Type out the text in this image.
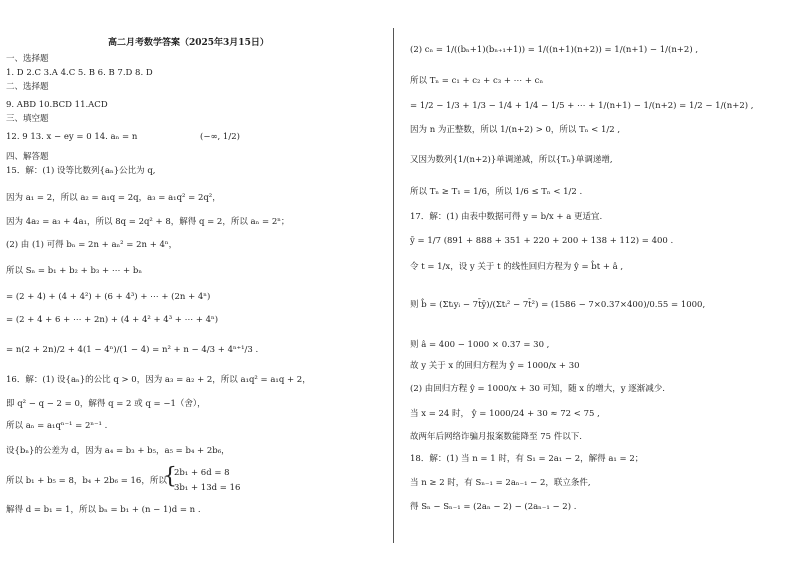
高二月考数学答案（2025年3月15日）
一、选择题
1. D 2.C 3.A 4.C 5. B 6. B 7.D 8. D
二、选择题
9. ABD 10.BCD 11.ACD
三、填空题
12. 9 13. x − ey = 0 14. aₙ = n	(−∞, 1/2)
四、解答题
15．解：(1) 设等比数列{aₙ}公比为 q,
因为 a₁ = 2，所以 a₂ = a₁q = 2q，a₃ = a₁q² = 2q²，
因为 4a₂ = a₃ + 4a₁，所以 8q = 2q² + 8，解得 q = 2，所以 aₙ = 2ⁿ；
(2) 由 (1) 可得 bₙ = 2n + aₙ² = 2n + 4ⁿ，
所以 Sₙ = b₁ + b₂ + b₃ + ⋯ + bₙ
= (2 + 4) + (4 + 4²) + (6 + 4³) + ⋯ + (2n + 4ⁿ)
= (2 + 4 + 6 + ⋯ + 2n) + (4 + 4² + 4³ + ⋯ + 4ⁿ)
= n(2 + 2n)/2 + 4(1 − 4ⁿ)/(1 − 4) = n² + n − 4/3 + 4ⁿ⁺¹/3 .
16．解：(1) 设{aₙ}的公比 q > 0，因为 a₃ = a₂ + 2，所以 a₁q² = a₁q + 2，
即 q² − q − 2 = 0，解得 q = 2 或 q = −1（舍），
所以 aₙ = a₁qⁿ⁻¹ = 2ⁿ⁻¹ .
设{bₙ}的公差为 d，因为 a₄ = b₃ + b₅，a₅ = b₄ + 2b₆，
所以 b₁ + b₅ = 8，b₄ + 2b₆ = 16，所以
{
2b₁ + 6d = 8
3b₁ + 13d = 16
解得 d = b₁ = 1，所以 bₙ = b₁ + (n − 1)d = n .
(2) cₙ = 1/((bₙ+1)(bₙ₊₁+1)) = 1/((n+1)(n+2)) = 1/(n+1) − 1/(n+2) ,
所以 Tₙ = c₁ + c₂ + c₃ + ⋯ + cₙ
= 1/2 − 1/3 + 1/3 − 1/4 + 1/4 − 1/5 + ⋯ + 1/(n+1) − 1/(n+2) = 1/2 − 1/(n+2) ,
因为 n 为正整数，所以 1/(n+2) > 0，所以 Tₙ < 1/2 ,
又因为数列{1/(n+2)}单调递减，所以{Tₙ}单调递增,
所以 Tₙ ≥ T₁ = 1/6，所以 1/6 ≤ Tₙ < 1/2 .
17．解：(1) 由表中数据可得 y = b/x + a 更适宜.
ȳ = 1/7 (891 + 888 + 351 + 220 + 200 + 138 + 112) = 400 .
令 t = 1/x，设 y 关于 t 的线性回归方程为 ŷ = b̂t + â ,
则 b̂ = (Σtᵢyᵢ − 7t̄ȳ)/(Σtᵢ² − 7t̄²) = (1586 − 7×0.37×400)/0.55 = 1000,
则 â = 400 − 1000 × 0.37 = 30 ,
故 y 关于 x 的回归方程为 ŷ = 1000/x + 30
(2) 由回归方程 ŷ = 1000/x + 30 可知，随 x 的增大，y 逐渐减少.
当 x = 24 时， ŷ = 1000/24 + 30 ≈ 72 < 75 ,
故两年后网络诈骗月报案数能降至 75 件以下.
18．解：(1) 当 n = 1 时，有 S₁ = 2a₁ − 2，解得 a₁ = 2；
当 n ≥ 2 时，有 Sₙ₋₁ = 2aₙ₋₁ − 2，联立条件,
得 Sₙ − Sₙ₋₁ = (2aₙ − 2) − (2aₙ₋₁ − 2) .
